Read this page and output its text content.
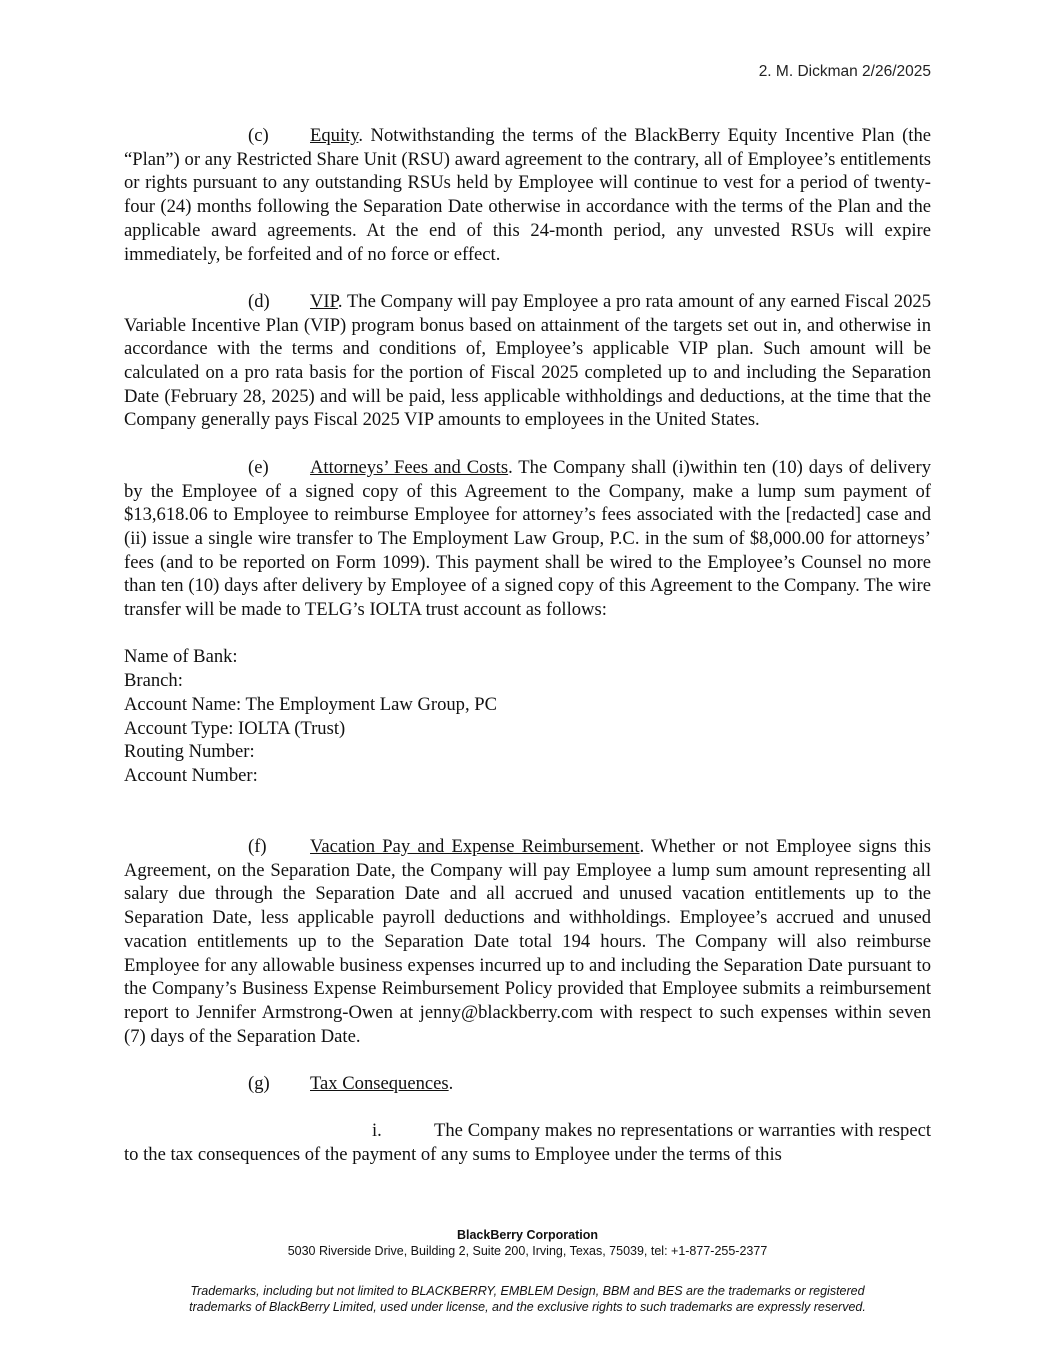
2. M. Dickman 2/26/2025

(c) Equity. Notwithstanding the terms of the BlackBerry Equity Incentive Plan (the “Plan”) or any Restricted Share Unit (RSU) award agreement to the contrary, all of Employee’s entitlements or rights pursuant to any outstanding RSUs held by Employee will continue to vest for a period of twenty-four (24) months following the Separation Date otherwise in accordance with the terms of the Plan and the applicable award agreements. At the end of this 24-month period, any unvested RSUs will expire immediately, be forfeited and of no force or effect.

(d) VIP. The Company will pay Employee a pro rata amount of any earned Fiscal 2025 Variable Incentive Plan (VIP) program bonus based on attainment of the targets set out in, and otherwise in accordance with the terms and conditions of, Employee’s applicable VIP plan. Such amount will be calculated on a pro rata basis for the portion of Fiscal 2025 completed up to and including the Separation Date (February 28, 2025) and will be paid, less applicable withholdings and deductions, at the time that the Company generally pays Fiscal 2025 VIP amounts to employees in the United States.

(e) Attorneys’ Fees and Costs. The Company shall (i)within ten (10) days of delivery by the Employee of a signed copy of this Agreement to the Company, make a lump sum payment of $13,618.06 to Employee to reimburse Employee for attorney’s fees associated with the [redacted] case and (ii) issue a single wire transfer to The Employment Law Group, P.C. in the sum of $8,000.00 for attorneys’ fees (and to be reported on Form 1099). This payment shall be wired to the Employee’s Counsel no more than ten (10) days after delivery by Employee of a signed copy of this Agreement to the Company. The wire transfer will be made to TELG’s IOLTA trust account as follows:

Name of Bank:
Branch:
Account Name: The Employment Law Group, PC
Account Type: IOLTA (Trust)
Routing Number:
Account Number:

(f) Vacation Pay and Expense Reimbursement. Whether or not Employee signs this Agreement, on the Separation Date, the Company will pay Employee a lump sum amount representing all salary due through the Separation Date and all accrued and unused vacation entitlements up to the Separation Date, less applicable payroll deductions and withholdings. Employee’s accrued and unused vacation entitlements up to the Separation Date total 194 hours. The Company will also reimburse Employee for any allowable business expenses incurred up to and including the Separation Date pursuant to the Company’s Business Expense Reimbursement Policy provided that Employee submits a reimbursement report to Jennifer Armstrong-Owen at jenny@blackberry.com with respect to such expenses within seven (7) days of the Separation Date.

(g) Tax Consequences.

i.	The Company makes no representations or warranties with respect to the tax consequences of the payment of any sums to Employee under the terms of this

BlackBerry Corporation
5030 Riverside Drive, Building 2, Suite 200, Irving, Texas, 75039, tel: +1-877-255-2377
Trademarks, including but not limited to BLACKBERRY, EMBLEM Design, BBM and BES are the trademarks or registered
trademarks of BlackBerry Limited, used under license, and the exclusive rights to such trademarks are expressly reserved.
